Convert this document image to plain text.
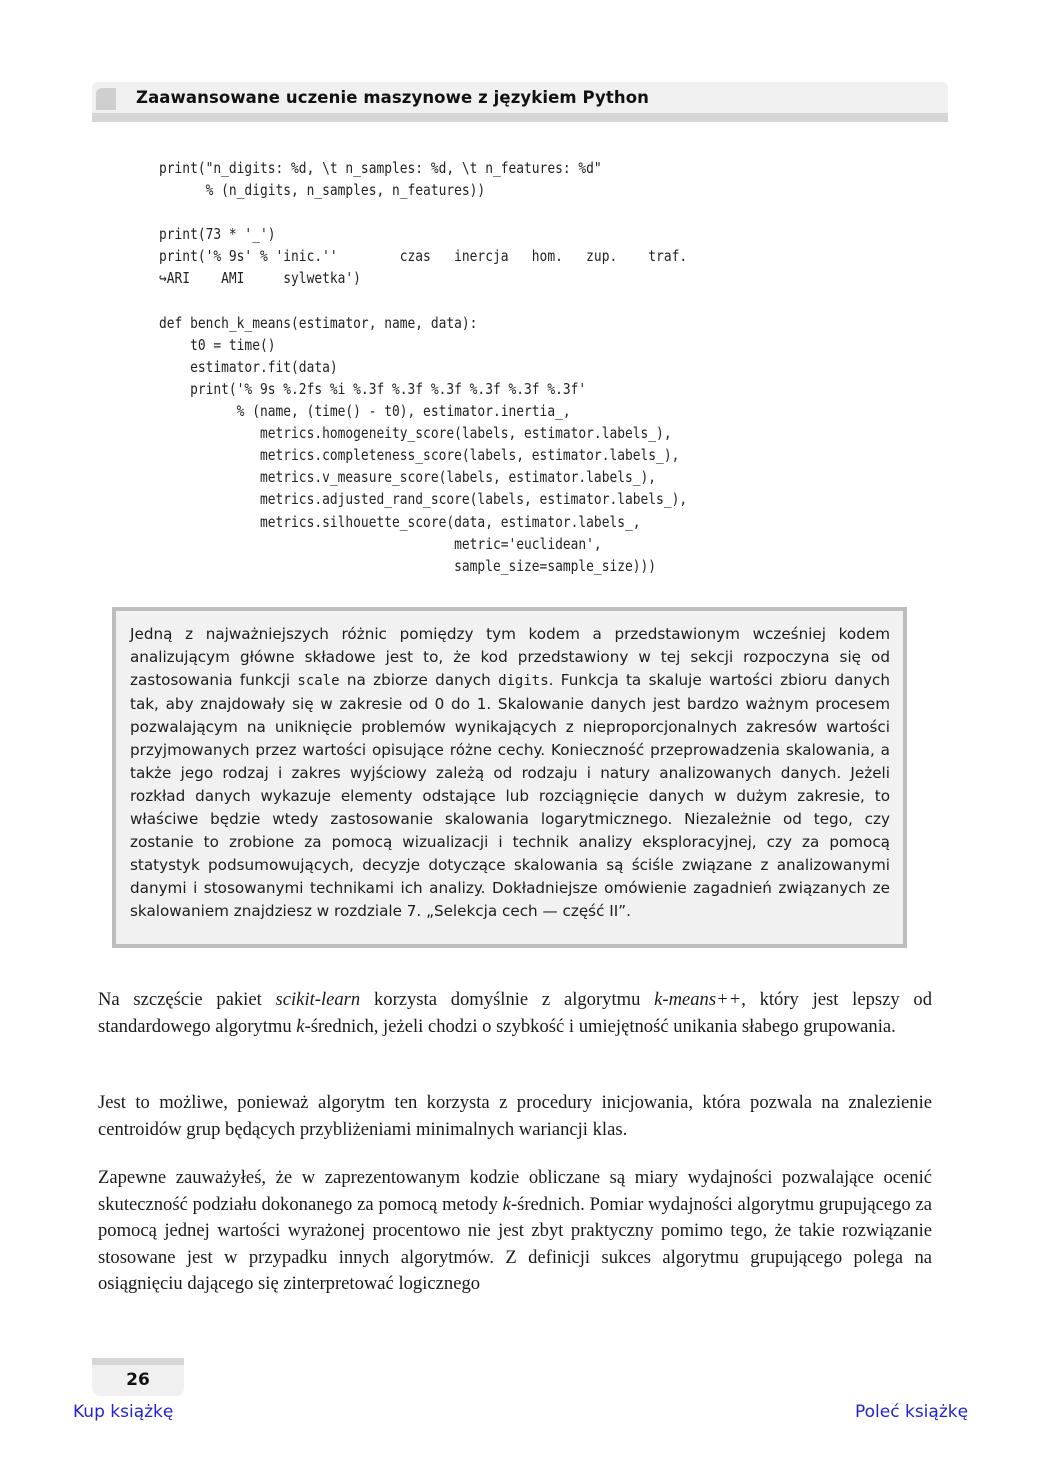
Zaawansowane uczenie maszynowe z językiem Python
print("n_digits: %d, \t n_samples: %d, \t n_features: %d"
% (n_digits, n_samples, n_features))
print(73 * '_')
print('% 9s' % 'inic.''        czas   inercja   hom.   zup.    traf.
↪ARI    AMI     sylwetka')
def bench_k_means(estimator, name, data):
t0 = time()
estimator.fit(data)
print('% 9s %.2fs %i %.3f %.3f %.3f %.3f %.3f %.3f'
% (name, (time() - t0), estimator.inertia_,
metrics.homogeneity_score(labels, estimator.labels_),
metrics.completeness_score(labels, estimator.labels_),
metrics.v_measure_score(labels, estimator.labels_),
metrics.adjusted_rand_score(labels, estimator.labels_),
metrics.silhouette_score(data, estimator.labels_,
metric='euclidean',
sample_size=sample_size)))

Jedną z najważniejszych różnic pomiędzy tym kodem a przedstawionym wcześniej kodem analizującym główne składowe jest to, że kod przedstawiony w tej sekcji rozpoczyna się od zastosowania funkcji scale na zbiorze danych digits. Funkcja ta skaluje wartości zbioru danych tak, aby znajdowały się w zakresie od 0 do 1. Skalowanie danych jest bardzo ważnym procesem pozwalającym na uniknięcie problemów wynikających z nieproporcjonalnych zakresów wartości przyjmowanych przez wartości opisujące różne cechy. Konieczność przeprowadzenia skalowania, a także jego rodzaj i zakres wyjściowy zależą od rodzaju i natury analizowanych danych. Jeżeli rozkład danych wykazuje elementy odstające lub rozciągnięcie danych w dużym zakresie, to właściwe będzie wtedy zastosowanie skalowania logarytmicznego. Niezależnie od tego, czy zostanie to zrobione za pomocą wizualizacji i technik analizy eksploracyjnej, czy za pomocą statystyk podsumowujących, decyzje dotyczące skalowania są ściśle związane z analizowanymi danymi i stosowanymi technikami ich analizy. Dokładniejsze omówienie zagadnień związanych ze skalowaniem znajdziesz w rozdziale 7. „Selekcja cech — część II”.

Na szczęście pakiet scikit-learn korzysta domyślnie z algorytmu k-means++, który jest lepszy od standardowego algorytmu k-średnich, jeżeli chodzi o szybkość i umiejętność unikania słabego grupowania.

Jest to możliwe, ponieważ algorytm ten korzysta z procedury inicjowania, która pozwala na znalezienie centroidów grup będących przybliżeniami minimalnych wariancji klas.

Zapewne zauważyłeś, że w zaprezentowanym kodzie obliczane są miary wydajności pozwalające ocenić skuteczność podziału dokonanego za pomocą metody k-średnich. Pomiar wydajności algorytmu grupującego za pomocą jednej wartości wyrażonej procentowo nie jest zbyt praktyczny pomimo tego, że takie rozwiązanie stosowane jest w przypadku innych algorytmów. Z definicji sukces algorytmu grupującego polega na osiągnięciu dającego się zinterpretować logicznego

26
Kup książkę	Poleć książkę
